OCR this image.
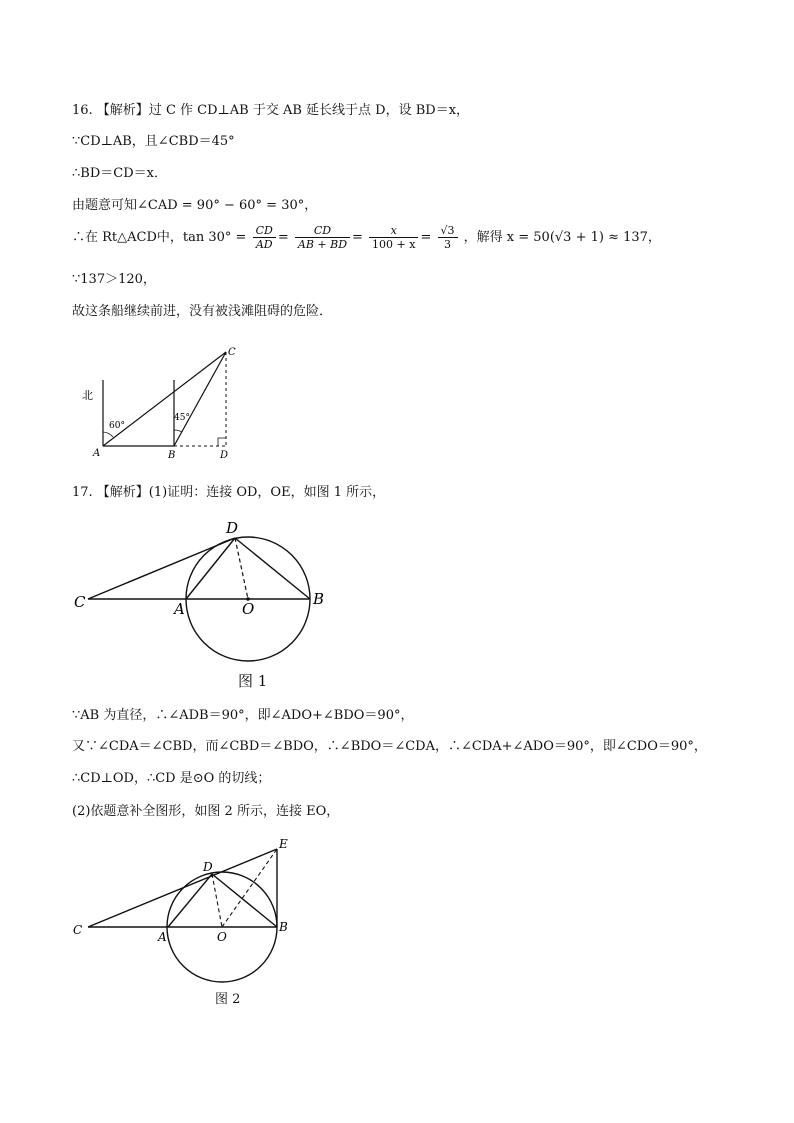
16. 【解析】过 C 作 CD⊥AB 于交 AB 延长线于点 D，设 BD＝x，
∵CD⊥AB，且∠CBD＝45°
∴BD＝CD＝x．
由题意可知∠CAD = 90° − 60° = 30°，
∴在 Rt△ACD中，$\tan 30^\circ = \frac{CD}{AD} = \frac{CD}{AB + BD} = \frac{x}{100 + x} = \frac{√3}{3}$ ，解得 x = 50(√3 + 1) ≈ 137，
∵137＞120，
故这条船继续前进，没有被浅滩阻碍的危险．
北
60°
45°
A	B
C
D
17. 【解析】(1)证明：连接 OD，OE，如图 1 所示，
C
D
A	O
B
图 1
∵AB 为直径，∴∠ADB＝90°，即∠ADO+∠BDO＝90°，
又∵∠CDA＝∠CBD，而∠CBD＝∠BDO，∴∠BDO＝∠CDA，∴∠CDA+∠ADO＝90°，即∠CDO＝90°，
∴CD⊥OD，∴CD 是⊙O 的切线；
(2)依题意补全图形，如图 2 所示，连接 EO，
C
D
E
A	O
B
图 2
